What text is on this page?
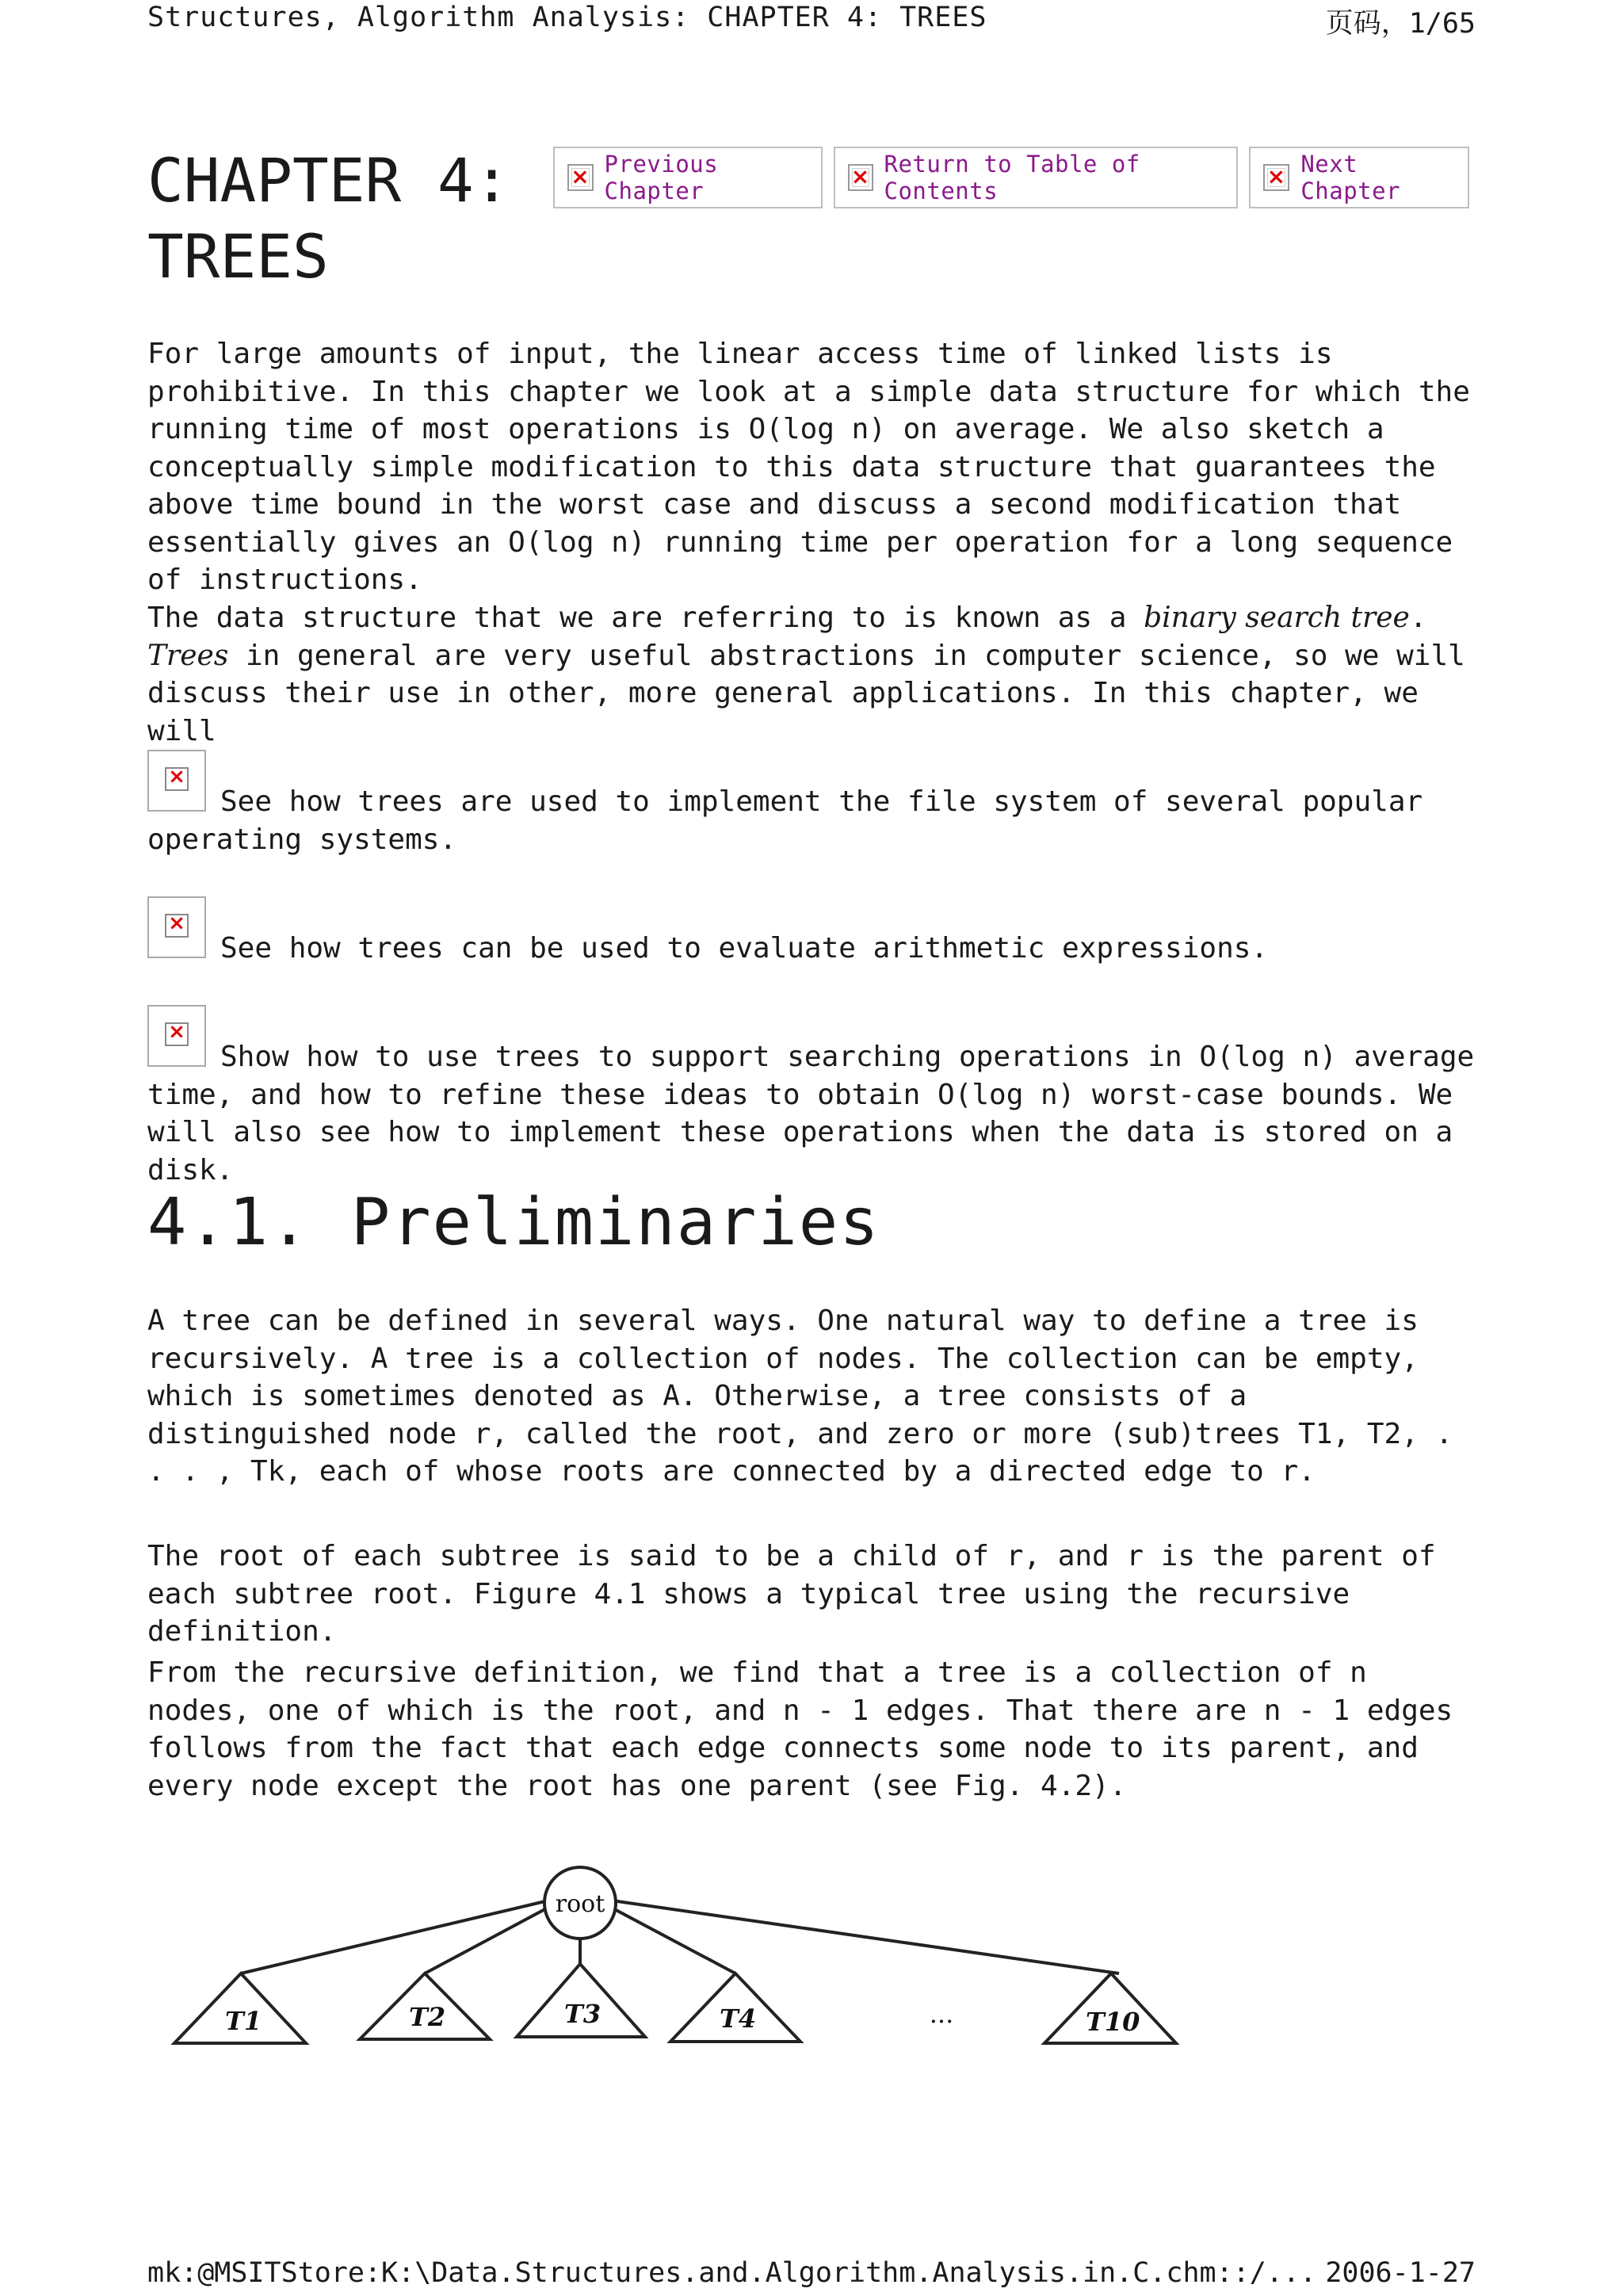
Structures, Algorithm Analysis: CHAPTER 4: TREES	页码，1/65
CHAPTER 4:
TREES
×
Previous Chapter
×
Return to Table of Contents
×
Next Chapter

For large amounts of input, the linear access time of linked lists is prohibitive. In this chapter we look at a simple data structure for which the running time of most operations is O(log n) on average. We also sketch a conceptually simple modification to this data structure that guarantees the above time bound in the worst case and discuss a second modification that essentially gives an O(log n) running time per operation for a long sequence of instructions.

The data structure that we are referring to is known as a binary search tree. Trees in general are very useful abstractions in computer science, so we will discuss their use in other, more general applications. In this chapter, we will

×

See how trees are used to implement the file system of several popular operating systems.

×

See how trees can be used to evaluate arithmetic expressions.

×

Show how to use trees to support searching operations in O(log n) average time, and how to refine these ideas to obtain O(log n) worst-case bounds. We will also see how to implement these operations when the data is stored on a disk.

4.1. Preliminaries

A tree can be defined in several ways. One natural way to define a tree is recursively. A tree is a collection of nodes. The collection can be empty, which is sometimes denoted as A. Otherwise, a tree consists of a distinguished node r, called the root, and zero or more (sub)trees T1, T2, . . . , Tk, each of whose roots are connected by a directed edge to r.

The root of each subtree is said to be a child of r, and r is the parent of each subtree root. Figure 4.1 shows a typical tree using the recursive definition.

From the recursive definition, we find that a tree is a collection of n nodes, one of which is the root, and n - 1 edges. That there are n - 1 edges follows from the fact that each edge connects some node to its parent, and every node except the root has one parent (see Fig. 4.2).

root
T1	T2	T3	T4	T10
...
mk:@MSITStore:K:\Data.Structures.and.Algorithm.Analysis.in.C.chm::/... 2006-1-27
